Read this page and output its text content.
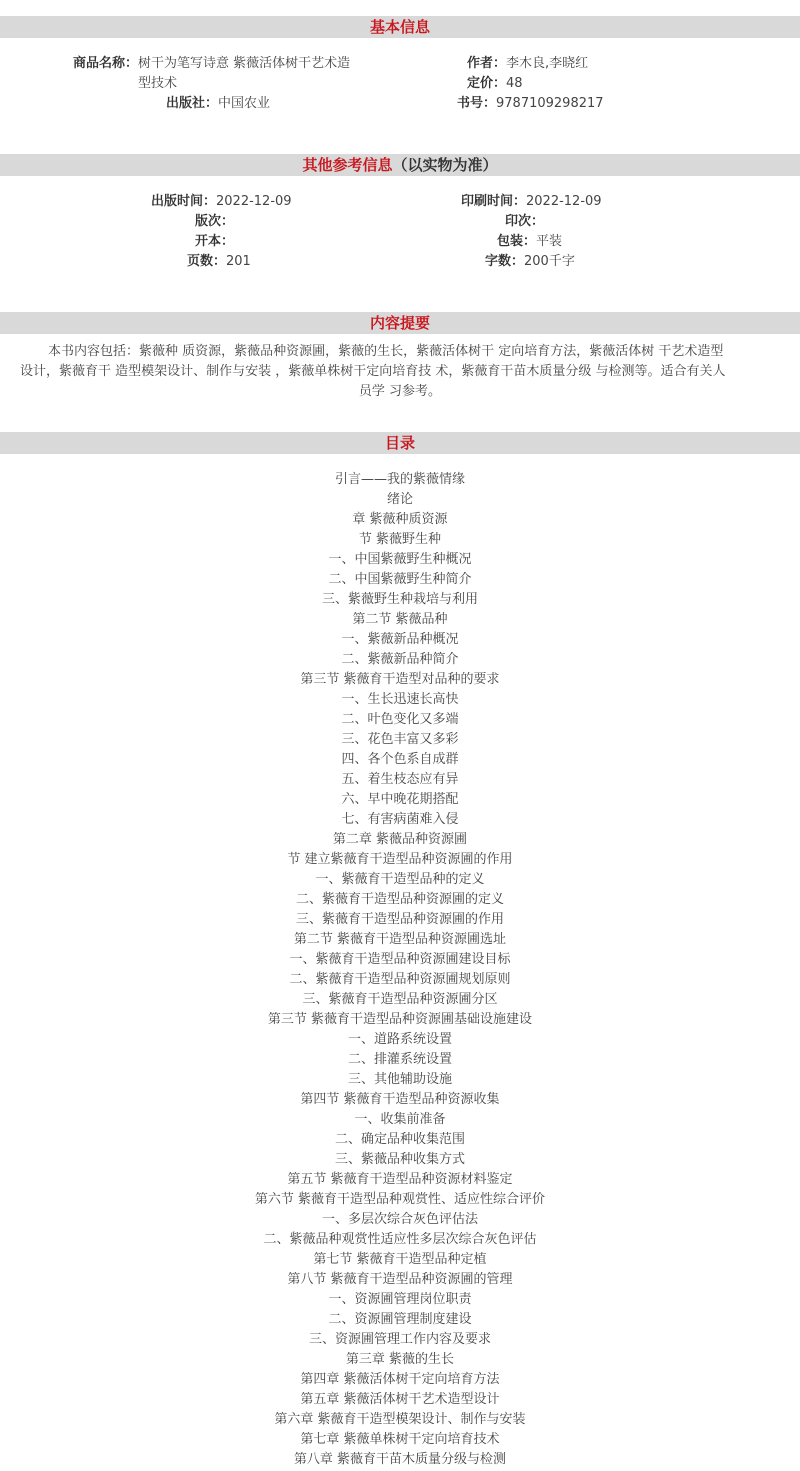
基本信息
商品名称： 树干为笔写诗意 紫薇活体树干艺术造
型技术
作者： 李木良,李晓红
定价： 48
出版社： 中国农业	书号： 9787109298217
其他参考信息（以实物为准）
出版时间： 2022-12-09	印刷时间： 2022-12-09
版次：	印次：
开本：	包装： 平装
页数： 201	字数： 200千字
内容提要
本书内容包括：紫薇种 质资源，紫薇品种资源圃，紫薇的生长，紫薇活体树干 定向培育方法，紫薇活体树 干艺术造型
设计，紫薇育干 造型模架设计、制作与安装 ，紫薇单株树干定向培育技 术，紫薇育干苗木质量分级 与检测等。适合有关人
员学 习参考。
目录
引言——我的紫薇情缘
绪论
章 紫薇种质资源
节 紫薇野生种
一、中国紫薇野生种概况
二、中国紫薇野生种简介
三、紫薇野生种栽培与利用
第二节 紫薇品种
一、紫薇新品种概况
二、紫薇新品种简介
第三节 紫薇育干造型对品种的要求
一、生长迅速长高快
二、叶色变化又多端
三、花色丰富又多彩
四、各个色系自成群
五、着生枝态应有异
六、早中晚花期搭配
七、有害病菌难入侵
第二章 紫薇品种资源圃
节 建立紫薇育干造型品种资源圃的作用
一、紫薇育干造型品种的定义
二、紫薇育干造型品种资源圃的定义
三、紫薇育干造型品种资源圃的作用
第二节 紫薇育干造型品种资源圃选址
一、紫薇育干造型品种资源圃建设目标
二、紫薇育干造型品种资源圃规划原则
三、紫薇育干造型品种资源圃分区
第三节 紫薇育干造型品种资源圃基础设施建设
一、道路系统设置
二、排灌系统设置
三、其他辅助设施
第四节 紫薇育干造型品种资源收集
一、收集前准备
二、确定品种收集范围
三、紫薇品种收集方式
第五节 紫薇育干造型品种资源材料鉴定
第六节 紫薇育干造型品种观赏性、适应性综合评价
一、多层次综合灰色评估法
二、紫薇品种观赏性适应性多层次综合灰色评估
第七节 紫薇育干造型品种定植
第八节 紫薇育干造型品种资源圃的管理
一、资源圃管理岗位职责
二、资源圃管理制度建设
三、资源圃管理工作内容及要求
第三章 紫薇的生长
第四章 紫薇活体树干定向培育方法
第五章 紫薇活体树干艺术造型设计
第六章 紫薇育干造型模架设计、制作与安装
第七章 紫薇单株树干定向培育技术
第八章 紫薇育干苗木质量分级与检测
